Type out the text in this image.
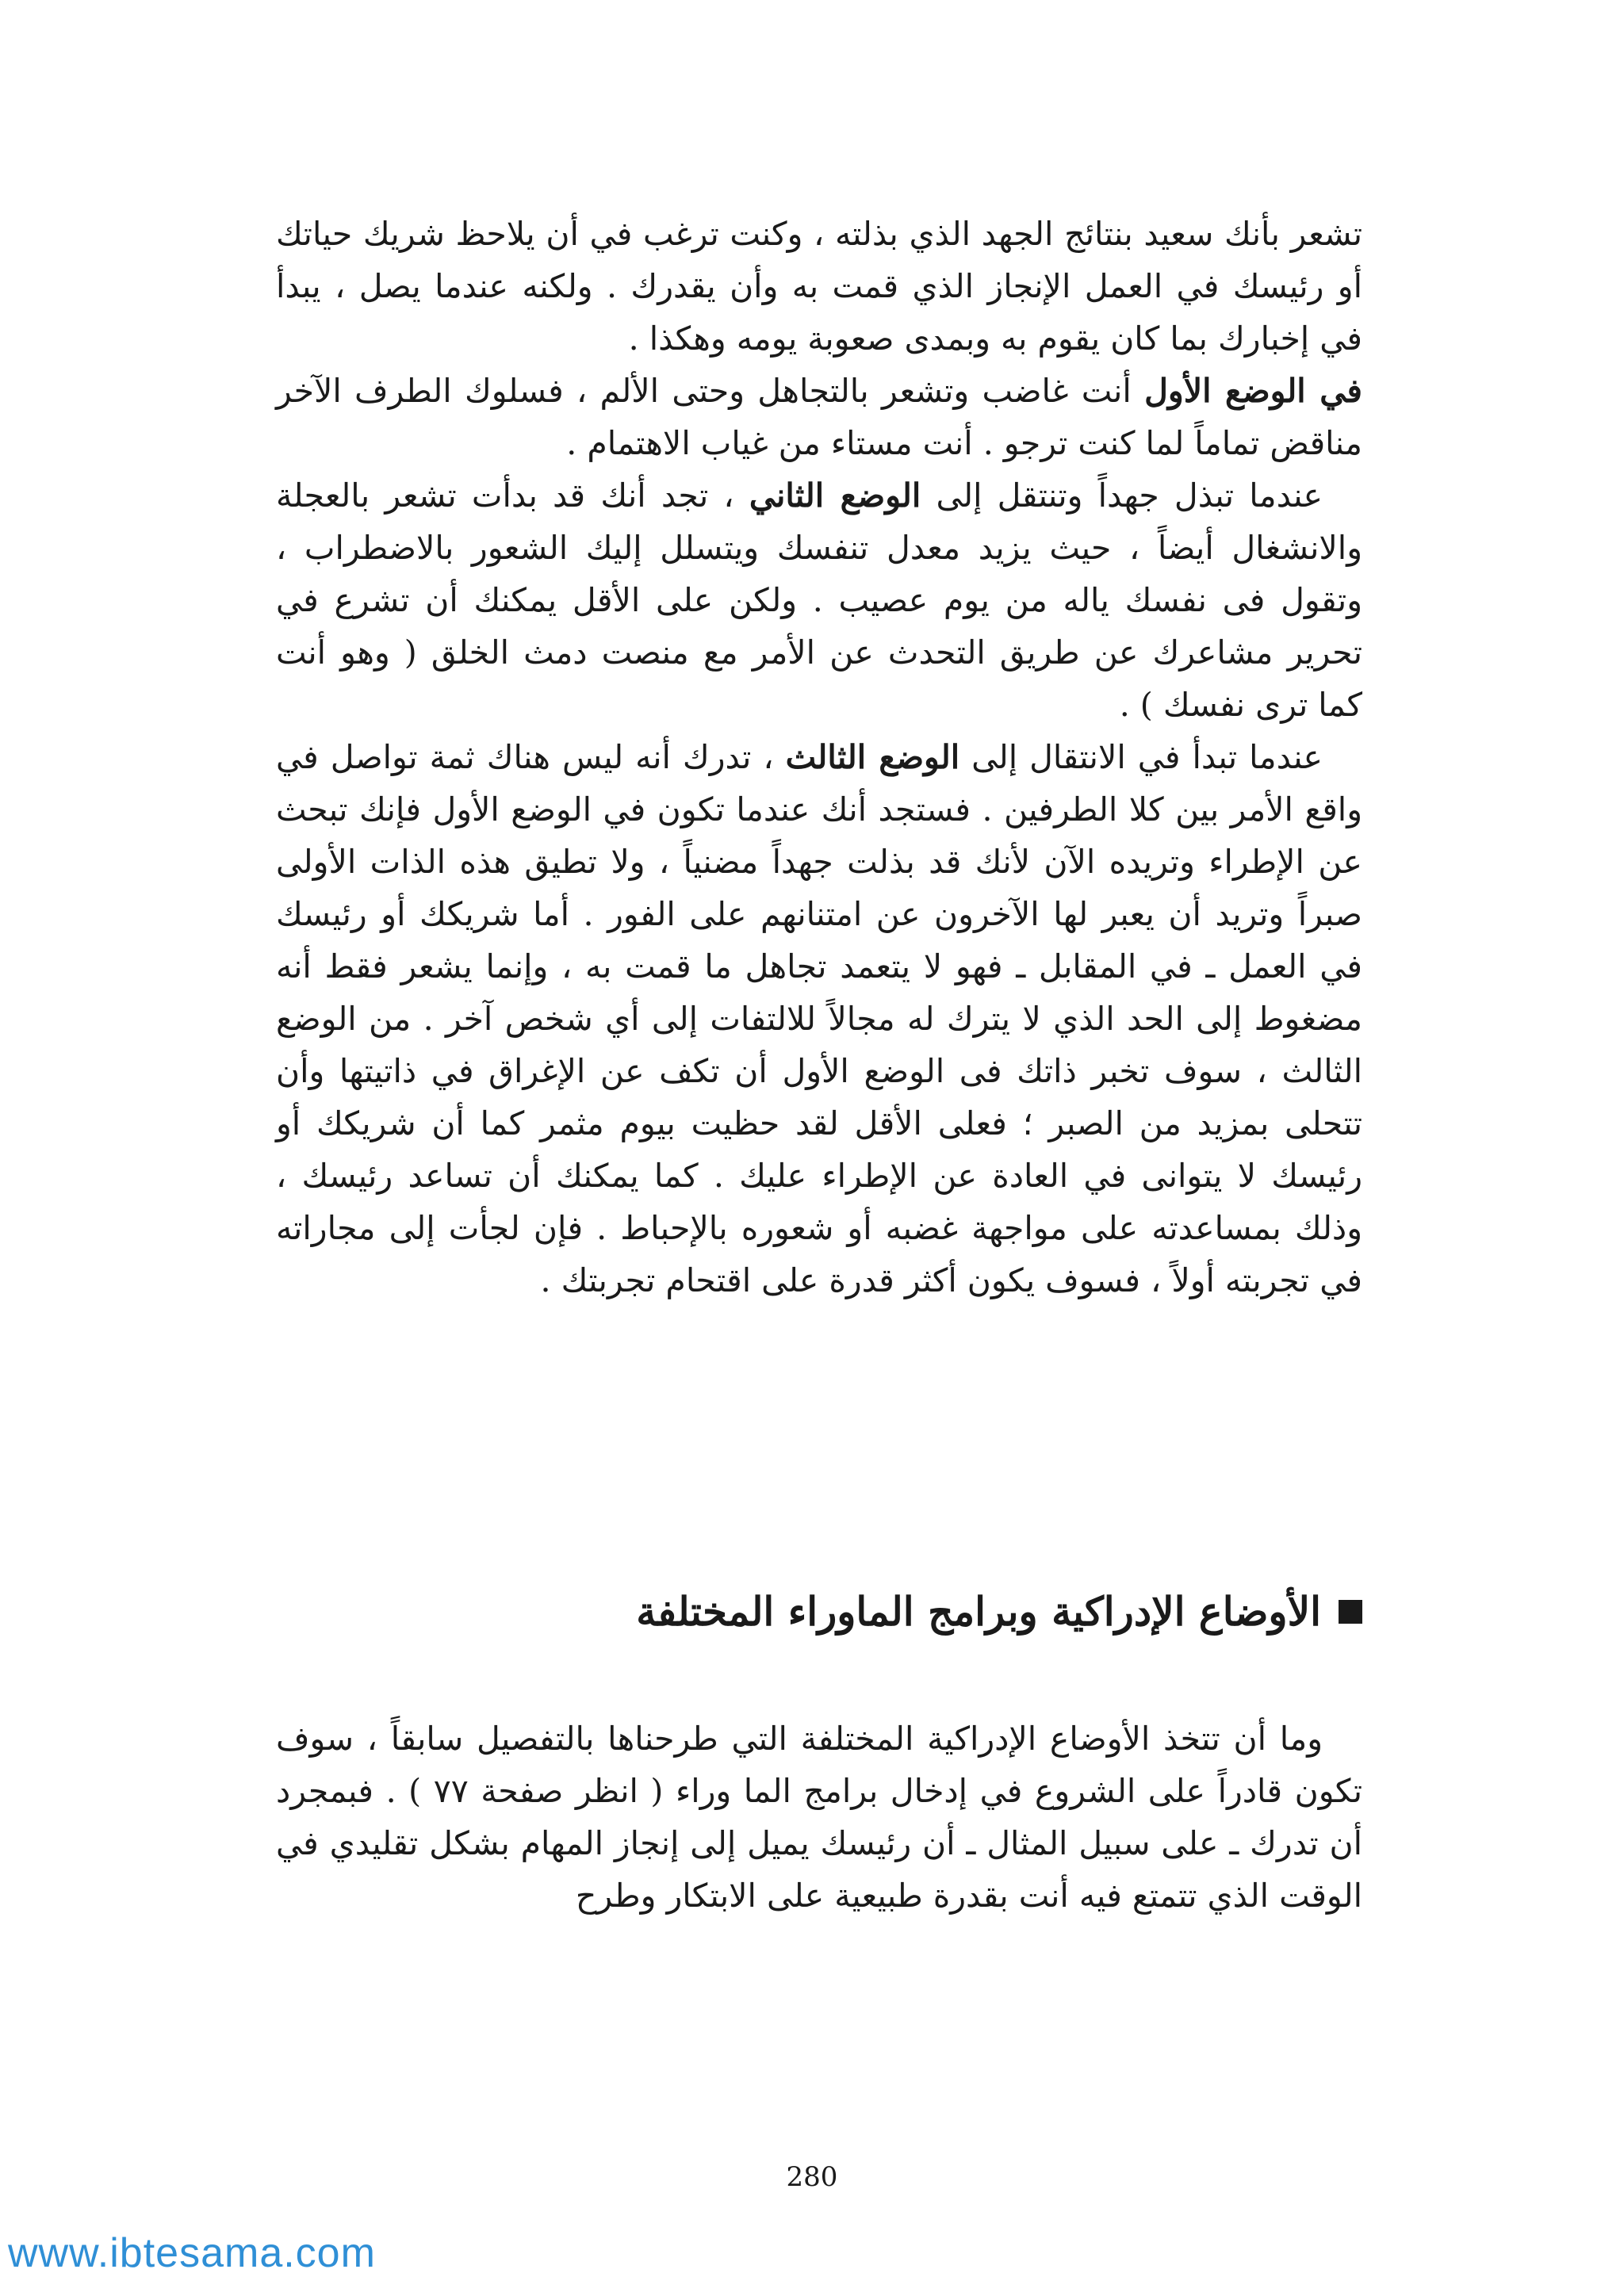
تشعر بأنك سعيد بنتائج الجهد الذي بذلته ، وكنت ترغب في أن يلاحظ شريك حياتك أو رئيسك في العمل الإنجاز الذي قمت به وأن يقدرك . ولكنه عندما يصل ، يبدأ في إخبارك بما كان يقوم به وبمدى صعوبة يومه وهكذا .

في الوضع الأول أنت غاضب وتشعر بالتجاهل وحتى الألم ، فسلوك الطرف الآخر مناقض تماماً لما كنت ترجو . أنت مستاء من غياب الاهتمام .

عندما تبذل جهداً وتنتقل إلى الوضع الثاني ، تجد أنك قد بدأت تشعر بالعجلة والانشغال أيضاً ، حيث يزيد معدل تنفسك ويتسلل إليك الشعور بالاضطراب ، وتقول فى نفسك ياله من يوم عصيب . ولكن على الأقل يمكنك أن تشرع في تحرير مشاعرك عن طريق التحدث عن الأمر مع منصت دمث الخلق ( وهو أنت كما ترى نفسك ) .

عندما تبدأ في الانتقال إلى الوضع الثالث ، تدرك أنه ليس هناك ثمة تواصل في واقع الأمر بين كلا الطرفين . فستجد أنك عندما تكون في الوضع الأول فإنك تبحث عن الإطراء وتريده الآن لأنك قد بذلت جهداً مضنياً ، ولا تطيق هذه الذات الأولى صبراً وتريد أن يعبر لها الآخرون عن امتنانهم على الفور . أما شريكك أو رئيسك في العمل ـ في المقابل ـ فهو لا يتعمد تجاهل ما قمت به ، وإنما يشعر فقط أنه مضغوط إلى الحد الذي لا يترك له مجالاً للالتفات إلى أي شخص آخر . من الوضع الثالث ، سوف تخبر ذاتك فى الوضع الأول أن تكف عن الإغراق في ذاتيتها وأن تتحلى بمزيد من الصبر ؛ فعلى الأقل لقد حظيت بيوم مثمر كما أن شريكك أو رئيسك لا يتوانى في العادة عن الإطراء عليك . كما يمكنك أن تساعد رئيسك ، وذلك بمساعدته على مواجهة غضبه أو شعوره بالإحباط . فإن لجأت إلى مجاراته في تجربته أولاً ، فسوف يكون أكثر قدرة على اقتحام تجربتك .

الأوضاع الإدراكية وبرامج الماوراء المختلفة

وما أن تتخذ الأوضاع الإدراكية المختلفة التي طرحناها بالتفصيل سابقاً ، سوف تكون قادراً على الشروع في إدخال برامج الما وراء ( انظر صفحة ٧٧ ) . فبمجرد أن تدرك ـ على سبيل المثال ـ أن رئيسك يميل إلى إنجاز المهام بشكل تقليدي في الوقت الذي تتمتع فيه أنت بقدرة طبيعية على الابتكار وطرح

280
www.ibtesama.com
